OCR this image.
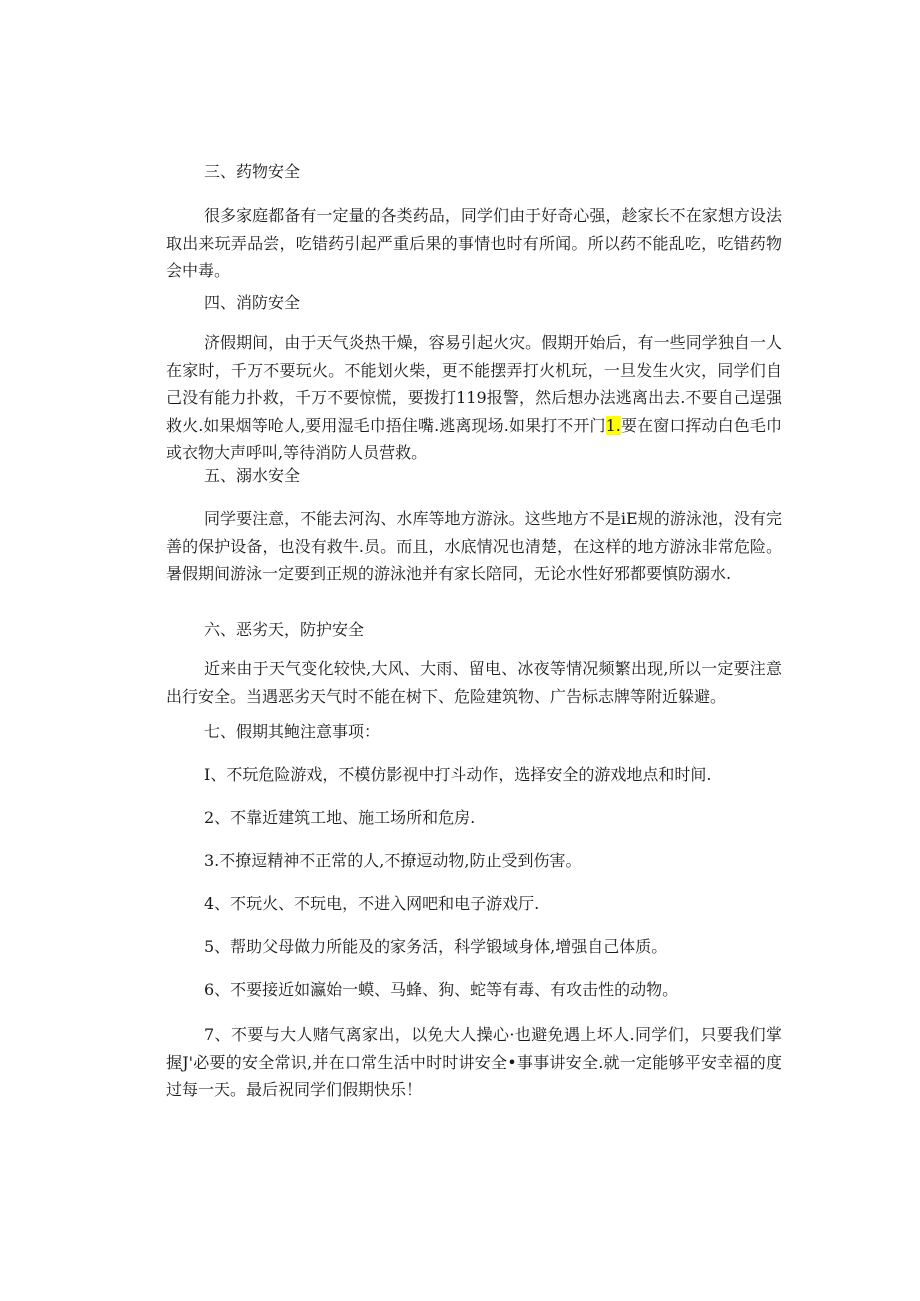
三、药物安全
很多家庭都备有一定量的各类药品，同学们由于好奇心强，趁家长不在家想方设法取出来玩弄品尝，吃错药引起严重后果的事情也时有所闻。所以药不能乱吃，吃错药物会中毒。
四、消防安全
济假期间，由于天气炎热干燥，容易引起火灾。假期开始后，有一些同学独自一人在家时，千万不要玩火。不能划火柴，更不能摆弄打火机玩，一旦发生火灾，同学们自己没有能力扑救，千万不要惊慌，要拨打119报警，然后想办法逃离出去.不要自己逞强救火.如果烟等呛人,要用湿毛巾捂住嘴.逃离现场.如果打不开门1.要在窗口挥动白色毛巾或衣物大声呼叫,等待消防人员营救。
五、溺水安全
同学要注意，不能去河沟、水库等地方游泳。这些地方不是iE规的游泳池，没有完善的保护设备，也没有救牛.员。而且，水底情况也清楚，在这样的地方游泳非常危险。暑假期间游泳一定要到正规的游泳池并有家长陪同，无论水性好邪都要慎防溺水.
六、恶劣天，防护安全
近来由于天气变化较快,大风、大雨、留电、冰夜等情况频繁出现,所以一定要注意出行安全。当遇恶劣天气时不能在树下、危险建筑物、广告标志牌等附近躲避。
七、假期其鲍注意事项：
I、不玩危险游戏，不模仿影视中打斗动作，选择安全的游戏地点和时间.
2、不靠近建筑工地、施工场所和危房.
3.不撩逗精神不正常的人,不撩逗动物,防止受到伤害。
4、不玩火、不玩电，不进入网吧和电子游戏厅.
5、帮助父母做力所能及的家务活，科学锻域身体,增强自己体质。
6、不要接近如瀛始一蟆、马蜂、狗、蛇等有毒、有攻击性的动物。
7、不要与大人赌气离家出，以免大人操心·也避免遇上坏人.同学们，只要我们掌握J'必要的安全常识,并在口常生活中时时讲安全•事事讲安全.就一定能够平安幸福的度过每一天。最后祝同学们假期快乐！
